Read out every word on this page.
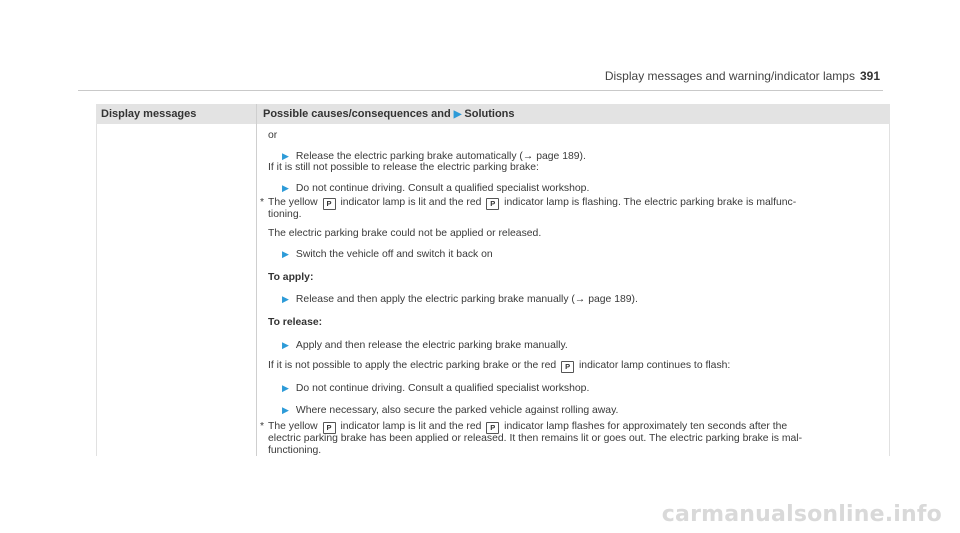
Display messages and warning/indicator lamps 391
Display messages	Possible causes/consequences and ▶ Solutions
or
▶ Release the electric parking brake automatically (→ page 189).
If it is still not possible to release the electric parking brake:
▶ Do not continue driving. Consult a qualified specialist workshop.
* The yellow P indicator lamp is lit and the red P indicator lamp is flashing. The electric parking brake is malfunc-
tioning.
The electric parking brake could not be applied or released.
▶ Switch the vehicle off and switch it back on
To apply:
▶ Release and then apply the electric parking brake manually (→ page 189).
To release:
▶ Apply and then release the electric parking brake manually.
If it is not possible to apply the electric parking brake or the red P indicator lamp continues to flash:
▶ Do not continue driving. Consult a qualified specialist workshop.
▶ Where necessary, also secure the parked vehicle against rolling away.
* The yellow P indicator lamp is lit and the red P indicator lamp flashes for approximately ten seconds after the
electric parking brake has been applied or released. It then remains lit or goes out. The electric parking brake is mal-
functioning.
carmanualsonline.info
